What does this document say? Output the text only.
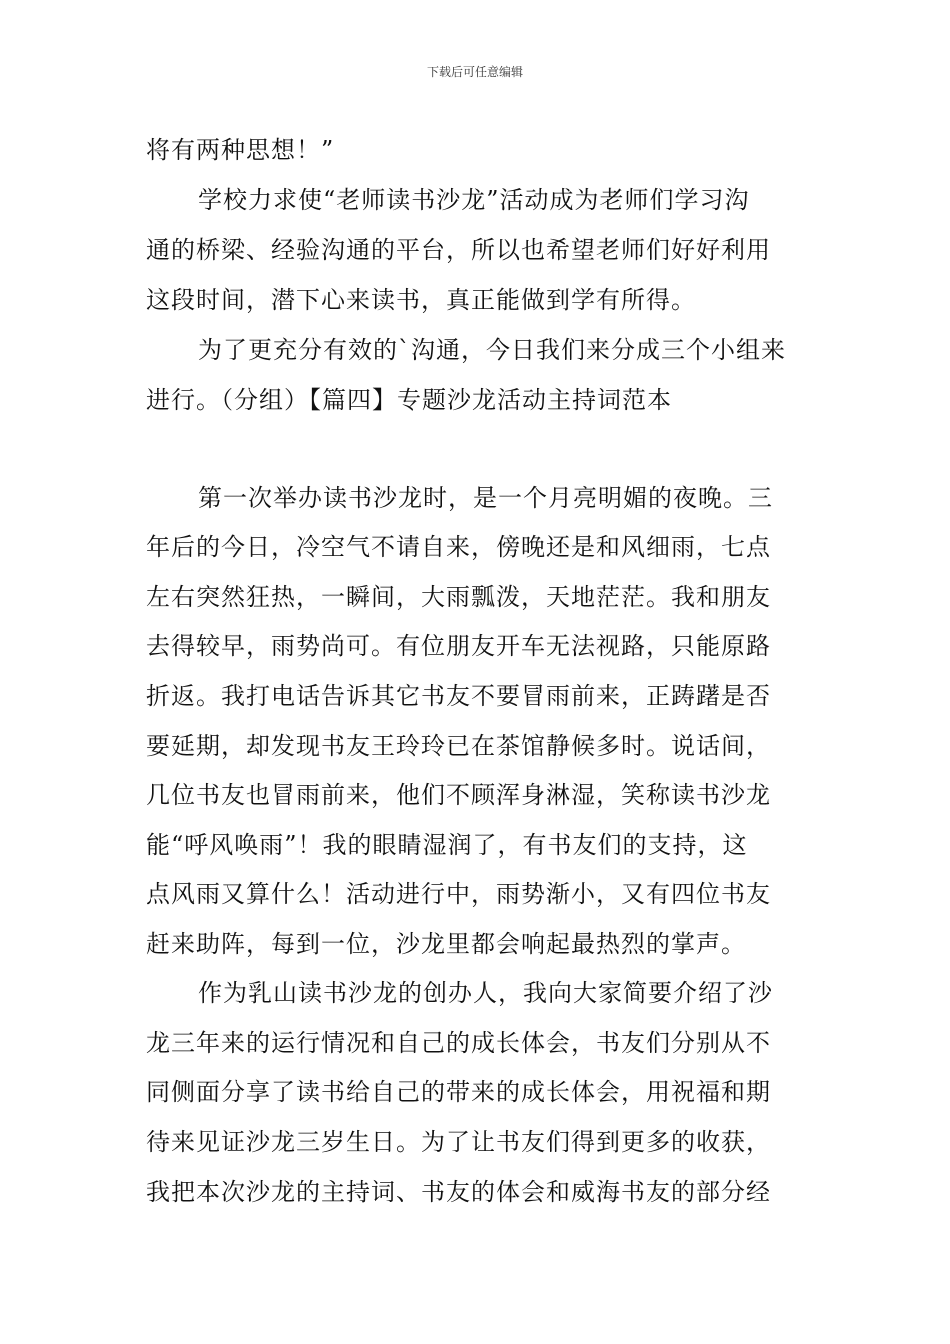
下载后可任意编辑
将有两种思想！”
学校力求使“老师读书沙龙”活动成为老师们学习沟
通的桥梁、经验沟通的平台，所以也希望老师们好好利用
这段时间，潜下心来读书，真正能做到学有所得。
为了更充分有效的`沟通，今日我们来分成三个小组来
进行。（分组）【篇四】专题沙龙活动主持词范本
第一次举办读书沙龙时，是一个月亮明媚的夜晚。三
年后的今日，冷空气不请自来，傍晚还是和风细雨，七点
左右突然狂热，一瞬间，大雨瓢泼，天地茫茫。我和朋友
去得较早，雨势尚可。有位朋友开车无法视路，只能原路
折返。我打电话告诉其它书友不要冒雨前来，正踌躇是否
要延期，却发现书友王玲玲已在茶馆静候多时。说话间，
几位书友也冒雨前来，他们不顾浑身淋湿，笑称读书沙龙
能“呼风唤雨”！我的眼睛湿润了，有书友们的支持，这
点风雨又算什么！活动进行中，雨势渐小，又有四位书友
赶来助阵，每到一位，沙龙里都会响起最热烈的掌声。
作为乳山读书沙龙的创办人，我向大家简要介绍了沙
龙三年来的运行情况和自己的成长体会，书友们分别从不
同侧面分享了读书给自己的带来的成长体会，用祝福和期
待来见证沙龙三岁生日。为了让书友们得到更多的收获，
我把本次沙龙的主持词、书友的体会和威海书友的部分经
